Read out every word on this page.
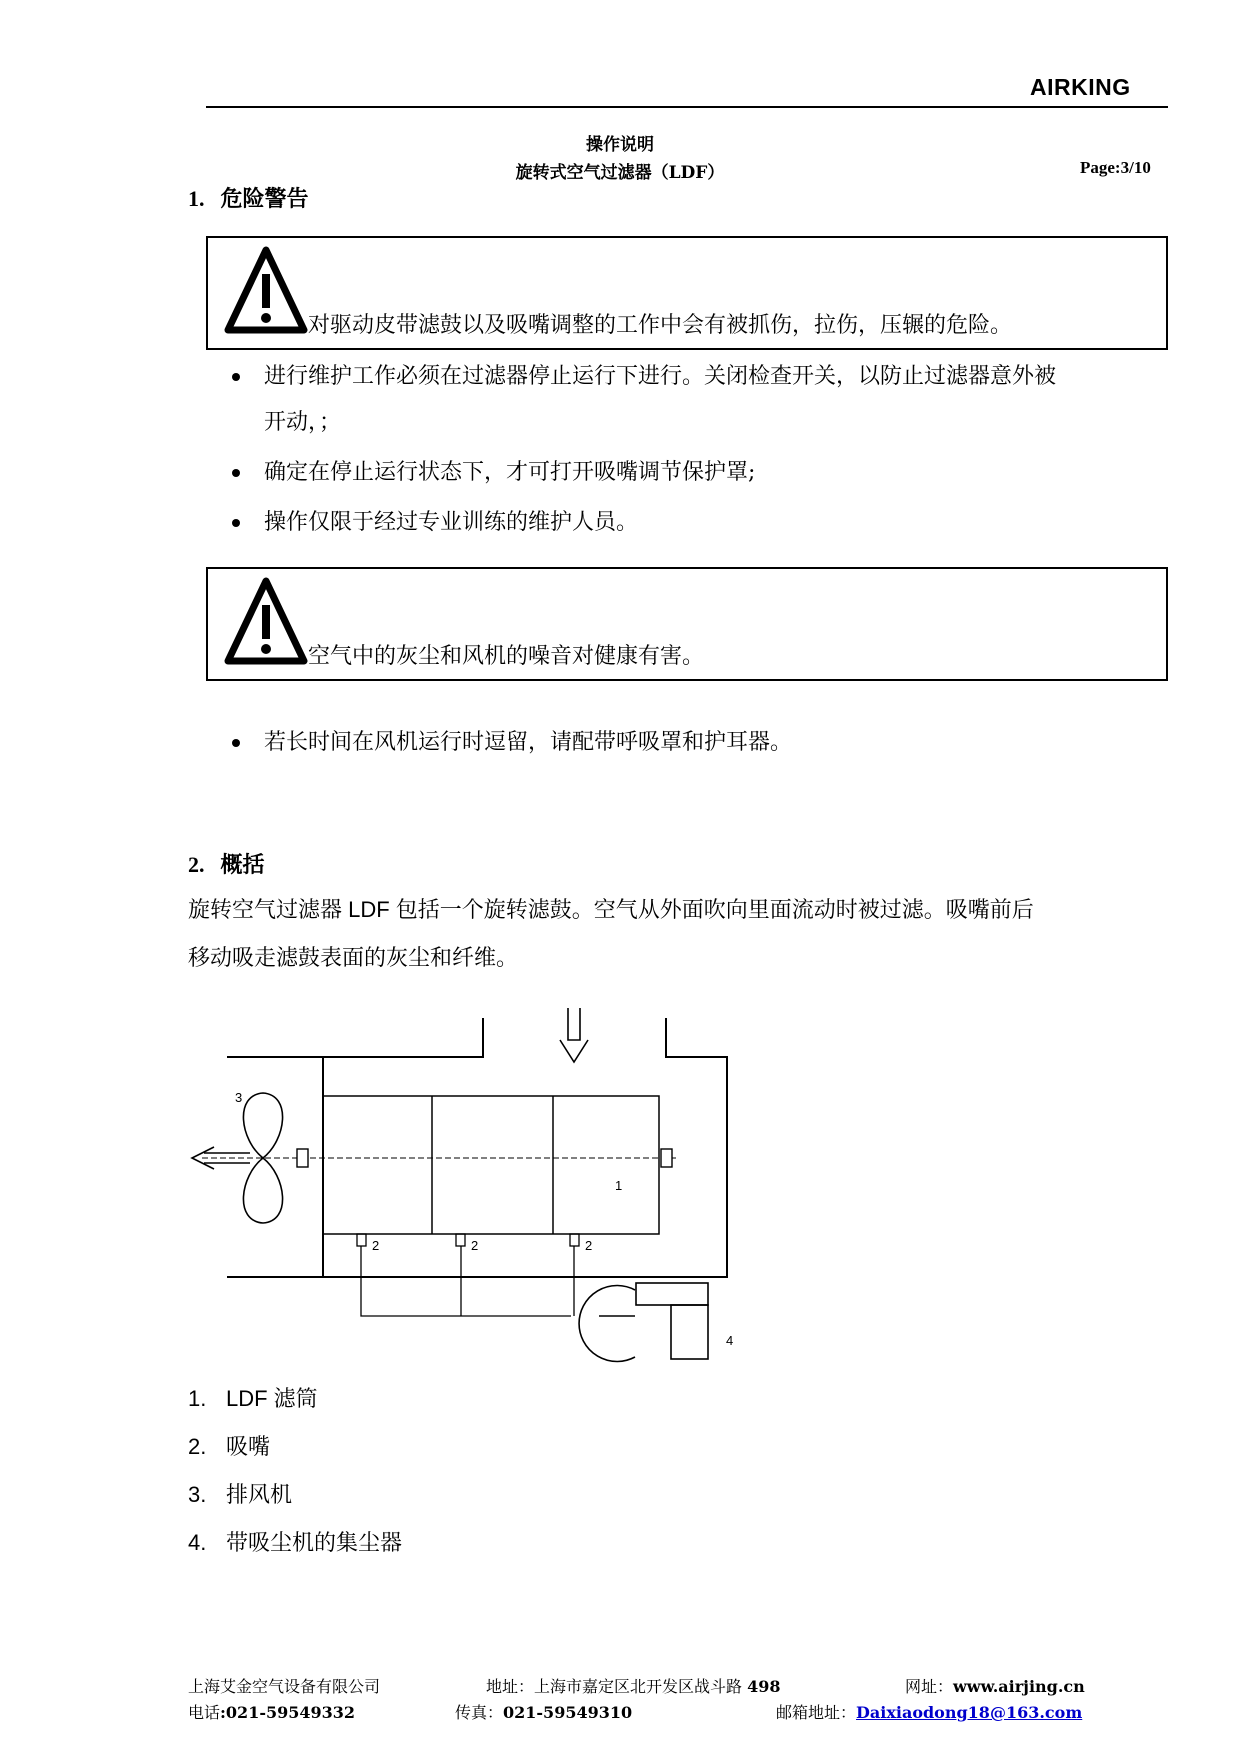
AIRKING
操作说明
旋转式空气过滤器（LDF）	Page:3/10
1. 危险警告
对驱动皮带滤鼓以及吸嘴调整的工作中会有被抓伤，拉伤，压辗的危险。
进行维护工作必须在过滤器停止运行下进行。关闭检查开关，以防止过滤器意外被
开动，；
确定在停止运行状态下，才可打开吸嘴调节保护罩;
操作仅限于经过专业训练的维护人员。
空气中的灰尘和风机的噪音对健康有害。
若长时间在风机运行时逗留，请配带呼吸罩和护耳器。
2. 概括
旋转空气过滤器 LDF 包括一个旋转滤鼓。空气从外面吹向里面流动时被过滤。吸嘴前后
移动吸走滤鼓表面的灰尘和纤维。
3
1
2	2	2
4
1. LDF 滤筒
2. 吸嘴
3. 排风机
4. 带吸尘机的集尘器
上海艾金空气设备有限公司	地址：上海市嘉定区北开发区战斗路 498	网址：www.airjing.cn
电话:021-59549332	传真：021-59549310	邮箱地址：Daixiaodong18@163.com
